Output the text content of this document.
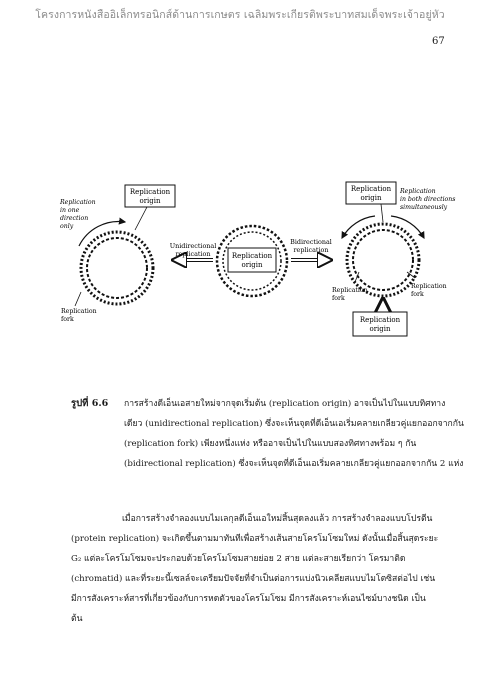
โครงการหนังสืออิเล็กทรอนิกส์ด้านการเกษตร เฉลิมพระเกียรติพระบาทสมเด็จพระเจ้าอยู่หัว
67
Replication
origin
Replication
in one
direction
only
Replication
fork
Replication
origin
Unidirectional
replication
Bidirectional
replication
Replication
origin
Replication
in both directions
simultaneously
Replication
fork
Replication
fork
Replication
origin
รูปที่ 6.6 การสร้างดีเอ็นเอสายใหม่จากจุดเริ่มต้น (replication origin) อาจเป็นไปในแบบทิศทาง
เดียว (unidirectional replication) ซึ่งจะเห็นจุดที่ดีเอ็นเอเริ่มคลายเกลียวคู่แยกออกจากกัน
(replication fork) เพียงหนึ่งแห่ง หรืออาจเป็นไปในแบบสองทิศทางพร้อม ๆ กัน
(bidirectional replication) ซึ่งจะเห็นจุดที่ดีเอ็นเอเริ่มคลายเกลียวคู่แยกออกจากกัน 2 แห่ง
เมื่อการสร้างจำลองแบบไมเลกุลดีเอ็นเอใหม่สิ้นสุดลงแล้ว การสร้างจำลองแบบโปรตีน
(protein replication) จะเกิดขึ้นตามมาทันทีเพื่อสร้างเส้นสายโครโมโซมใหม่ ดังนั้นเมื่อสิ้นสุดระยะ
G₂ แต่ละโครโมโซมจะประกอบด้วยโครโมโซมสายย่อย 2 สาย แต่ละสายเรียกว่า โครมาติด
(chromatid) และที่ระยะนี้เซลล์จะเตรียมปัจจัยที่จำเป็นต่อการแบ่งนิวเคลียสแบบไมโตซิสต่อไป เช่น
มีการสังเคราะห์สารที่เกี่ยวข้องกับการหดตัวของโครโมโซม มีการสังเคราะห์เอนไซม์บางชนิด เป็น
ต้น
